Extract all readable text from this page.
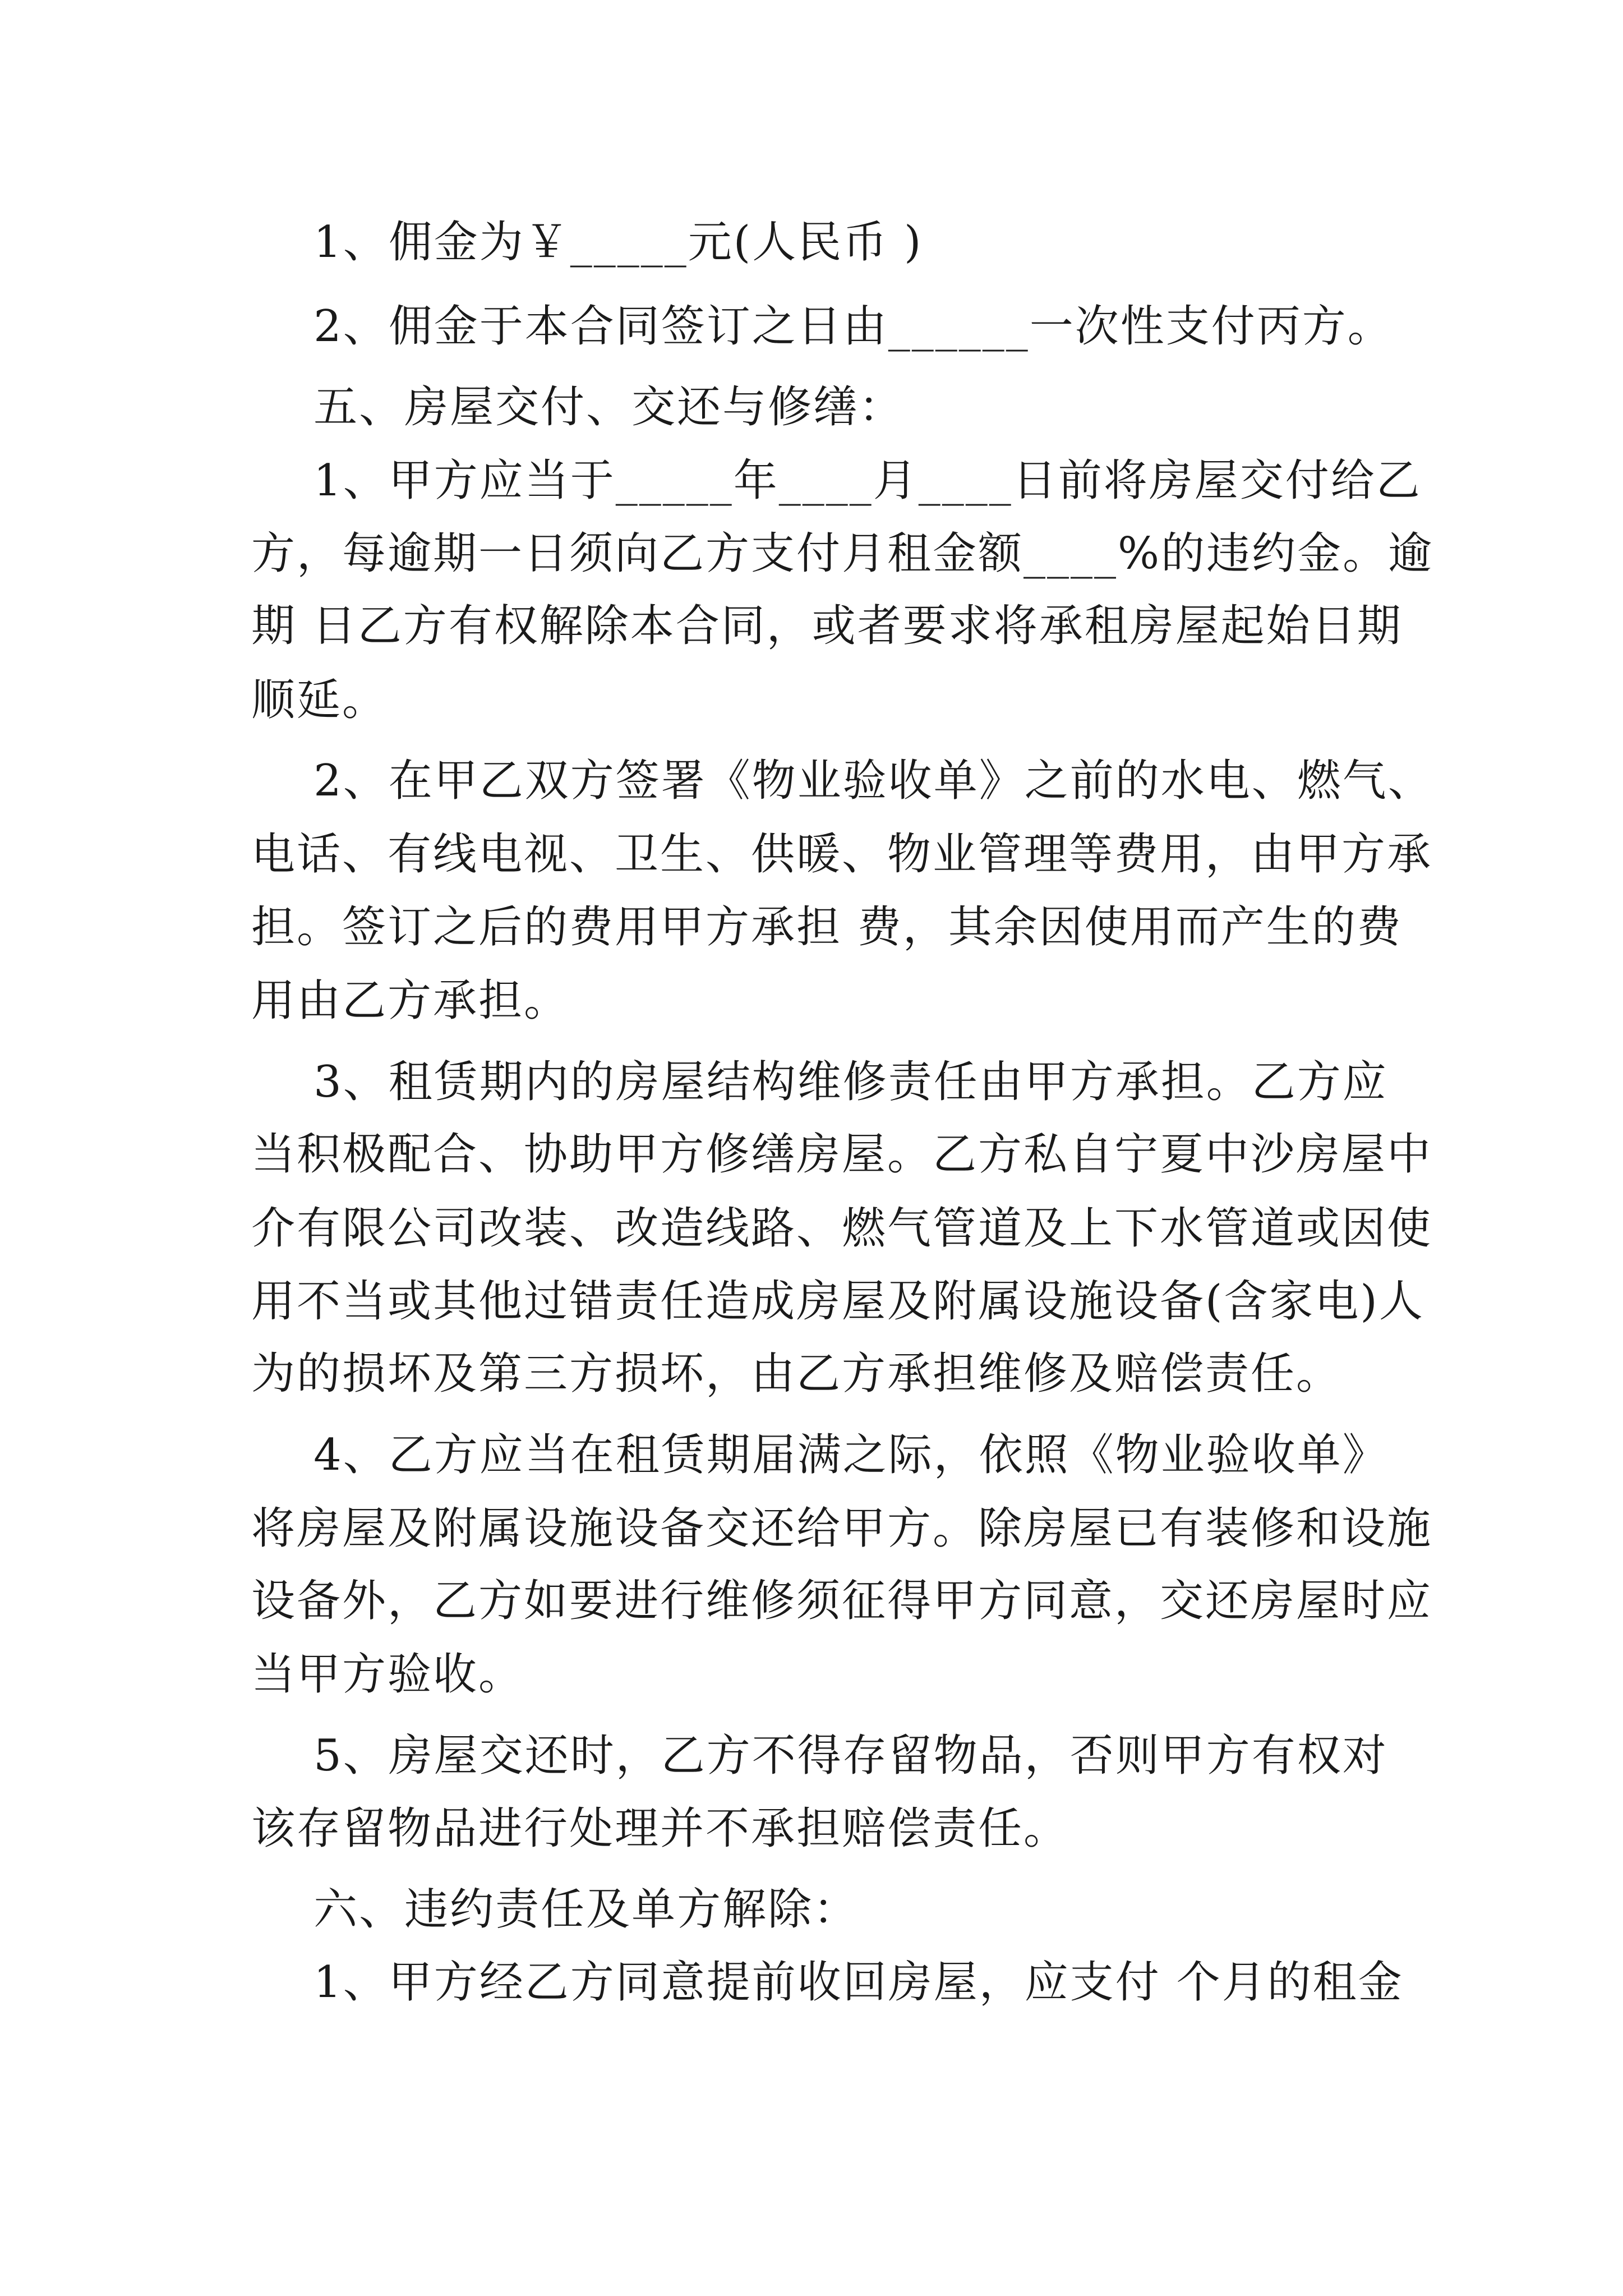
1、佣金为￥_____元(人民币 )
2、佣金于本合同签订之日由______一次性支付丙方。
五、房屋交付、交还与修缮：
1、甲方应当于_____年____月____日前将房屋交付给乙
方，每逾期一日须向乙方支付月租金额____%的违约金。逾
期 日乙方有权解除本合同，或者要求将承租房屋起始日期
顺延。
2、在甲乙双方签署《物业验收单》之前的水电、燃气、
电话、有线电视、卫生、供暖、物业管理等费用，由甲方承
担。签订之后的费用甲方承担 费，其余因使用而产生的费
用由乙方承担。
3、租赁期内的房屋结构维修责任由甲方承担。乙方应
当积极配合、协助甲方修缮房屋。乙方私自宁夏中沙房屋中
介有限公司改装、改造线路、燃气管道及上下水管道或因使
用不当或其他过错责任造成房屋及附属设施设备(含家电)人
为的损坏及第三方损坏，由乙方承担维修及赔偿责任。
4、乙方应当在租赁期届满之际，依照《物业验收单》
将房屋及附属设施设备交还给甲方。除房屋已有装修和设施
设备外，乙方如要进行维修须征得甲方同意，交还房屋时应
当甲方验收。
5、房屋交还时，乙方不得存留物品，否则甲方有权对
该存留物品进行处理并不承担赔偿责任。
六、违约责任及单方解除：
1、甲方经乙方同意提前收回房屋，应支付 个月的租金
